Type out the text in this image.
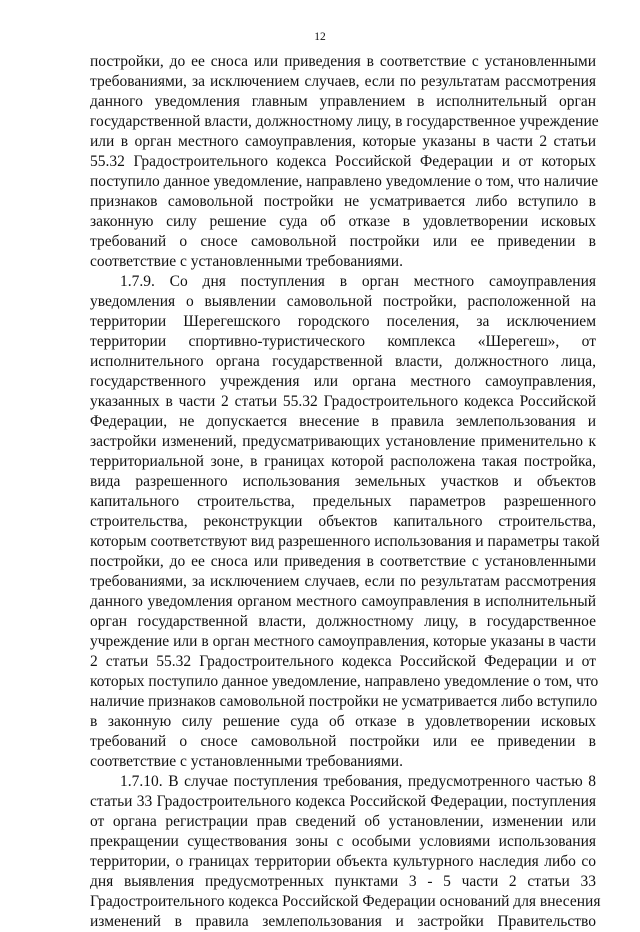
12
постройки, до ее сноса или приведения в соответствие с установленными
требованиями, за исключением случаев, если по результатам рассмотрения
данного уведомления главным управлением в исполнительный орган
государственной власти, должностному лицу, в государственное учреждение
или в орган местного самоуправления, которые указаны в части 2 статьи
55.32 Градостроительного кодекса Российской Федерации и от которых
поступило данное уведомление, направлено уведомление о том, что наличие
признаков самовольной постройки не усматривается либо вступило в
законную силу решение суда об отказе в удовлетворении исковых
требований о сносе самовольной постройки или ее приведении в
соответствие с установленными требованиями.
1.7.9. Со дня поступления в орган местного самоуправления
уведомления о выявлении самовольной постройки, расположенной на
территории Шерегешского городского поселения, за исключением
территории спортивно-туристического комплекса «Шерегеш», от
исполнительного органа государственной власти, должностного лица,
государственного учреждения или органа местного самоуправления,
указанных в части 2 статьи 55.32 Градостроительного кодекса Российской
Федерации, не допускается внесение в правила землепользования и
застройки изменений, предусматривающих установление применительно к
территориальной зоне, в границах которой расположена такая постройка,
вида разрешенного использования земельных участков и объектов
капитального строительства, предельных параметров разрешенного
строительства, реконструкции объектов капитального строительства,
которым соответствуют вид разрешенного использования и параметры такой
постройки, до ее сноса или приведения в соответствие с установленными
требованиями, за исключением случаев, если по результатам рассмотрения
данного уведомления органом местного самоуправления в исполнительный
орган государственной власти, должностному лицу, в государственное
учреждение или в орган местного самоуправления, которые указаны в части
2 статьи 55.32 Градостроительного кодекса Российской Федерации и от
которых поступило данное уведомление, направлено уведомление о том, что
наличие признаков самовольной постройки не усматривается либо вступило
в законную силу решение суда об отказе в удовлетворении исковых
требований о сносе самовольной постройки или ее приведении в
соответствие с установленными требованиями.
1.7.10. В случае поступления требования, предусмотренного частью 8
статьи 33 Градостроительного кодекса Российской Федерации, поступления
от органа регистрации прав сведений об установлении, изменении или
прекращении существования зоны с особыми условиями использования
территории, о границах территории объекта культурного наследия либо со
дня выявления предусмотренных пунктами 3 - 5 части 2 статьи 33
Градостроительного кодекса Российской Федерации оснований для внесения
изменений в правила землепользования и застройки Правительство
